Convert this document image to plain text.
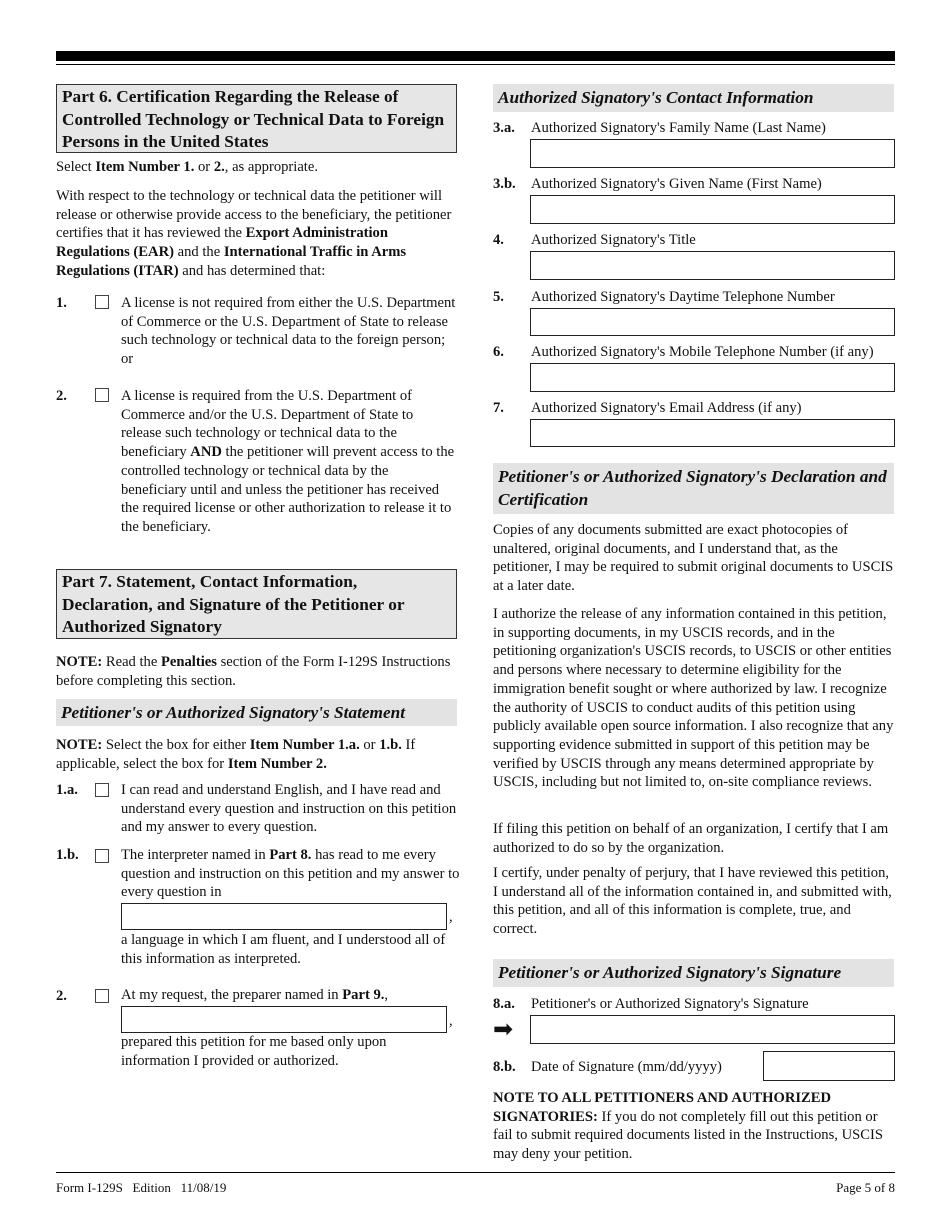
Part 6. Certification Regarding the Release of Controlled Technology or Technical Data to Foreign Persons in the United States

Select Item Number 1. or 2., as appropriate.

With respect to the technology or technical data the petitioner will release or otherwise provide access to the beneficiary, the petitioner certifies that it has reviewed the Export Administration Regulations (EAR) and the International Traffic in Arms Regulations (ITAR) and has determined that:

1.	A license is not required from either the U.S. Department of Commerce or the U.S. Department of State to release such technology or technical data to the foreign person; or
2.	A license is required from the U.S. Department of Commerce and/or the U.S. Department of State to release such technology or technical data to the beneficiary AND the petitioner will prevent access to the controlled technology or technical data by the beneficiary until and unless the petitioner has received the required license or other authorization to release it to the beneficiary.
Part 7. Statement, Contact Information, Declaration, and Signature of the Petitioner or Authorized Signatory

NOTE: Read the Penalties section of the Form I-129S Instructions before completing this section.

Petitioner's or Authorized Signatory's Statement

NOTE: Select the box for either Item Number 1.a. or 1.b. If applicable, select the box for Item Number 2.

1.a.	I can read and understand English, and I have read and understand every question and instruction on this petition and my answer to every question.
1.b.	The interpreter named in Part 8. has read to me every question and instruction on this petition and my answer to every question in
,
a language in which I am fluent, and I understood all of this information as interpreted.
2.	At my request, the preparer named in Part 9.,
,
prepared this petition for me based only upon information I provided or authorized.
Authorized Signatory's Contact Information
3.a. Authorized Signatory's Family Name (Last Name)
3.b. Authorized Signatory's Given Name (First Name)
4. Authorized Signatory's Title
5. Authorized Signatory's Daytime Telephone Number
6. Authorized Signatory's Mobile Telephone Number (if any)
7. Authorized Signatory's Email Address (if any)
Petitioner's or Authorized Signatory's Declaration and Certification

Copies of any documents submitted are exact photocopies of unaltered, original documents, and I understand that, as the petitioner, I may be required to submit original documents to USCIS at a later date.

I authorize the release of any information contained in this petition, in supporting documents, in my USCIS records, and in the petitioning organization's USCIS records, to USCIS or other entities and persons where necessary to determine eligibility for the immigration benefit sought or where authorized by law. I recognize the authority of USCIS to conduct audits of this petition using publicly available open source information. I also recognize that any supporting evidence submitted in support of this petition may be verified by USCIS through any means determined appropriate by USCIS, including but not limited to, on-site compliance reviews.

If filing this petition on behalf of an organization, I certify that I am authorized to do so by the organization.

I certify, under penalty of perjury, that I have reviewed this petition, I understand all of the information contained in, and submitted with, this petition, and all of this information is complete, true, and correct.

Petitioner's or Authorized Signatory's Signature
8.a. Petitioner's or Authorized Signatory's Signature
➡
8.b. Date of Signature (mm/dd/yyyy)

NOTE TO ALL PETITIONERS AND AUTHORIZED SIGNATORIES: If you do not completely fill out this petition or fail to submit required documents listed in the Instructions, USCIS may deny your petition.

Form I-129S   Edition   11/08/19	Page 5 of 8
